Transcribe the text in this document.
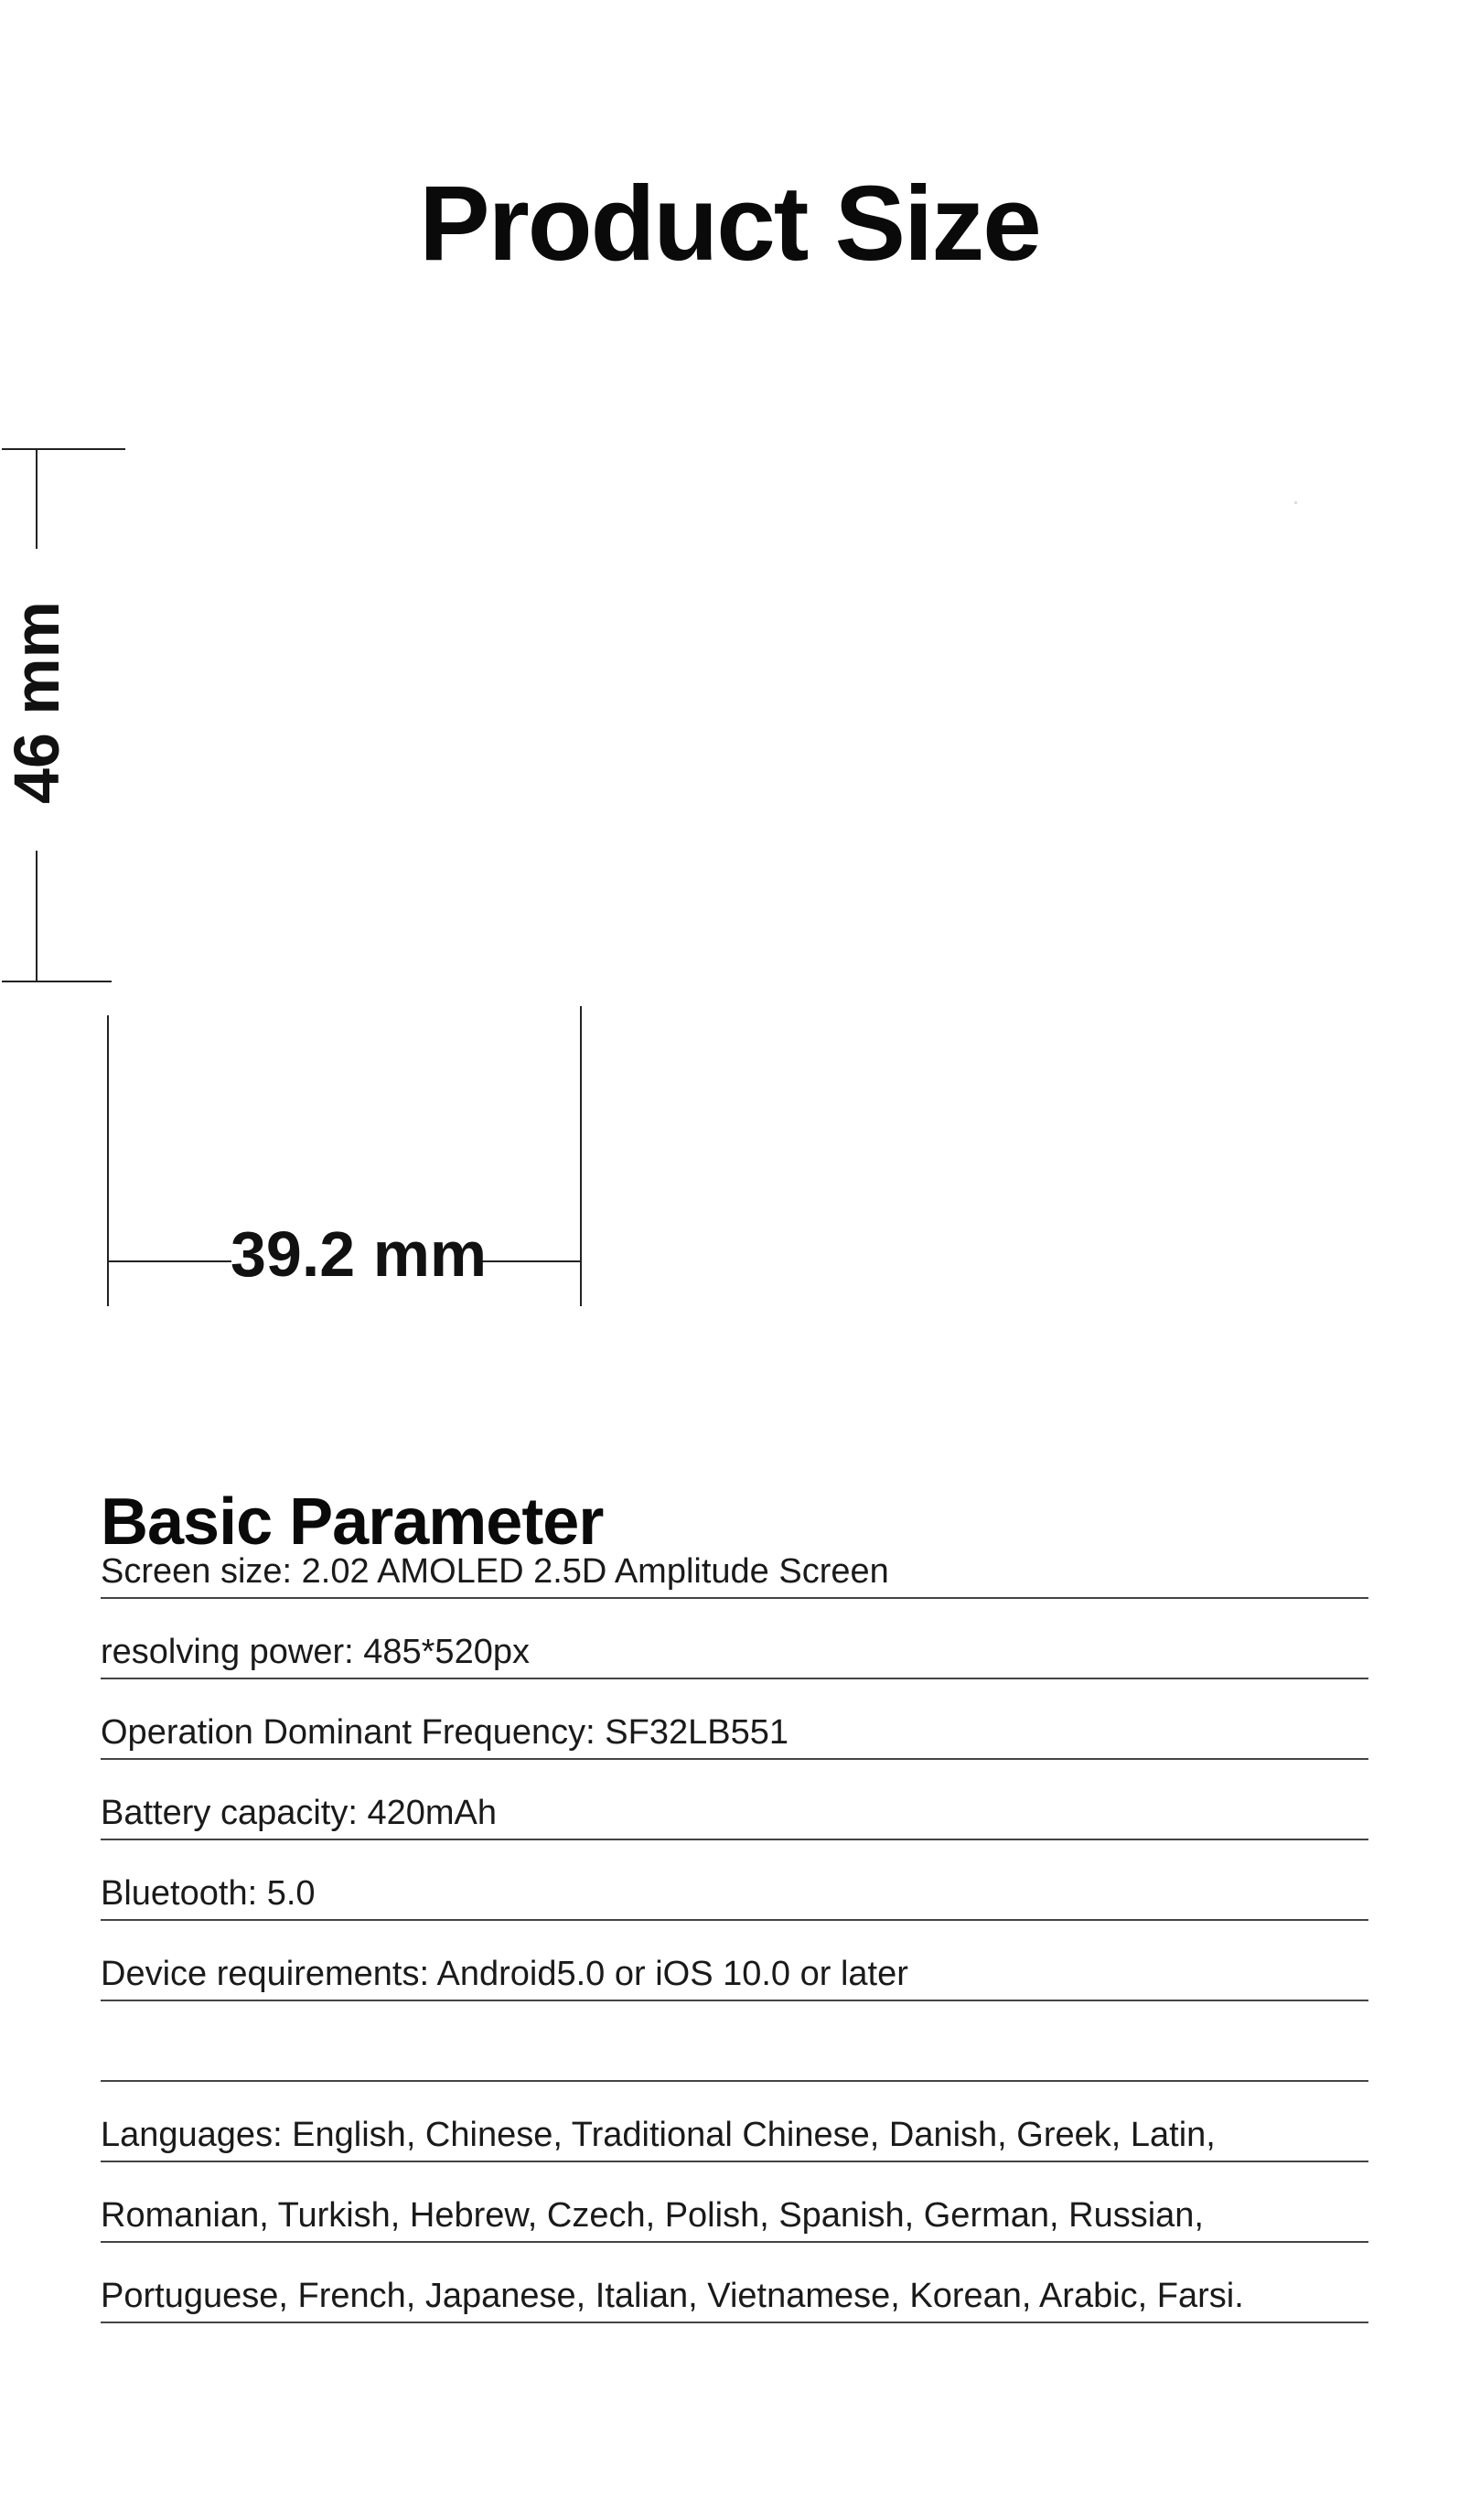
Product Size
46 mm
39.2 mm
Basic Parameter
Screen size: 2.02 AMOLED 2.5D Amplitude Screen
resolving power: 485*520px
Operation Dominant Frequency: SF32LB551
Battery capacity: 420mAh
Bluetooth: 5.0
Device requirements: Android5.0 or iOS 10.0 or later
Languages: English, Chinese, Traditional Chinese, Danish, Greek, Latin,
Romanian, Turkish, Hebrew, Czech, Polish, Spanish, German, Russian,
Portuguese, French, Japanese, Italian, Vietnamese, Korean, Arabic, Farsi.
